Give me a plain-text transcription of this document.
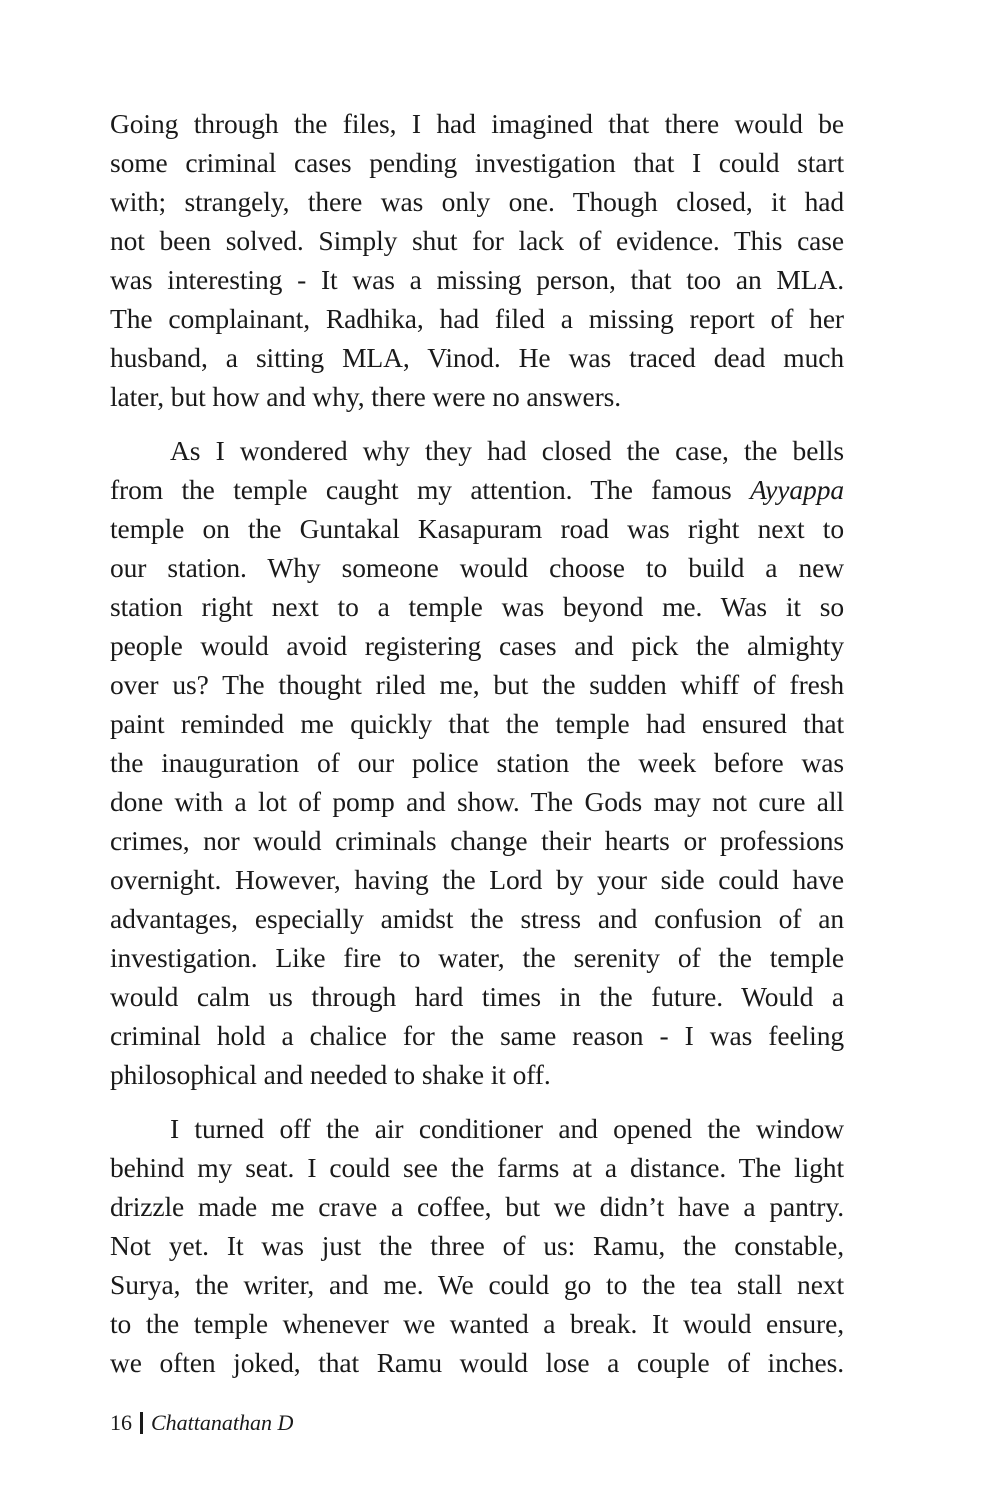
Going through the files, I had imagined that there would be
some criminal cases pending investigation that I could start
with; strangely, there was only one. Though closed, it had
not been solved. Simply shut for lack of evidence. This case
was interesting - It was a missing person, that too an MLA.
The complainant, Radhika, had filed a missing report of her
husband, a sitting MLA, Vinod. He was traced dead much
later, but how and why, there were no answers.

As I wondered why they had closed the case, the bells
from the temple caught my attention. The famous Ayyappa
temple on the Guntakal Kasapuram road was right next to
our station. Why someone would choose to build a new
station right next to a temple was beyond me. Was it so
people would avoid registering cases and pick the almighty
over us? The thought riled me, but the sudden whiff of fresh
paint reminded me quickly that the temple had ensured that
the inauguration of our police station the week before was
done with a lot of pomp and show. The Gods may not cure all
crimes, nor would criminals change their hearts or professions
overnight. However, having the Lord by your side could have
advantages, especially amidst the stress and confusion of an
investigation. Like fire to water, the serenity of the temple
would calm us through hard times in the future. Would a
criminal hold a chalice for the same reason - I was feeling
philosophical and needed to shake it off.

I turned off the air conditioner and opened the window
behind my seat. I could see the farms at a distance. The light
drizzle made me crave a coffee, but we didn’t have a pantry.
Not yet. It was just the three of us: Ramu, the constable,
Surya, the writer, and me. We could go to the tea stall next
to the temple whenever we wanted a break. It would ensure,
we often joked, that Ramu would lose a couple of inches.

16 Chattanathan D
